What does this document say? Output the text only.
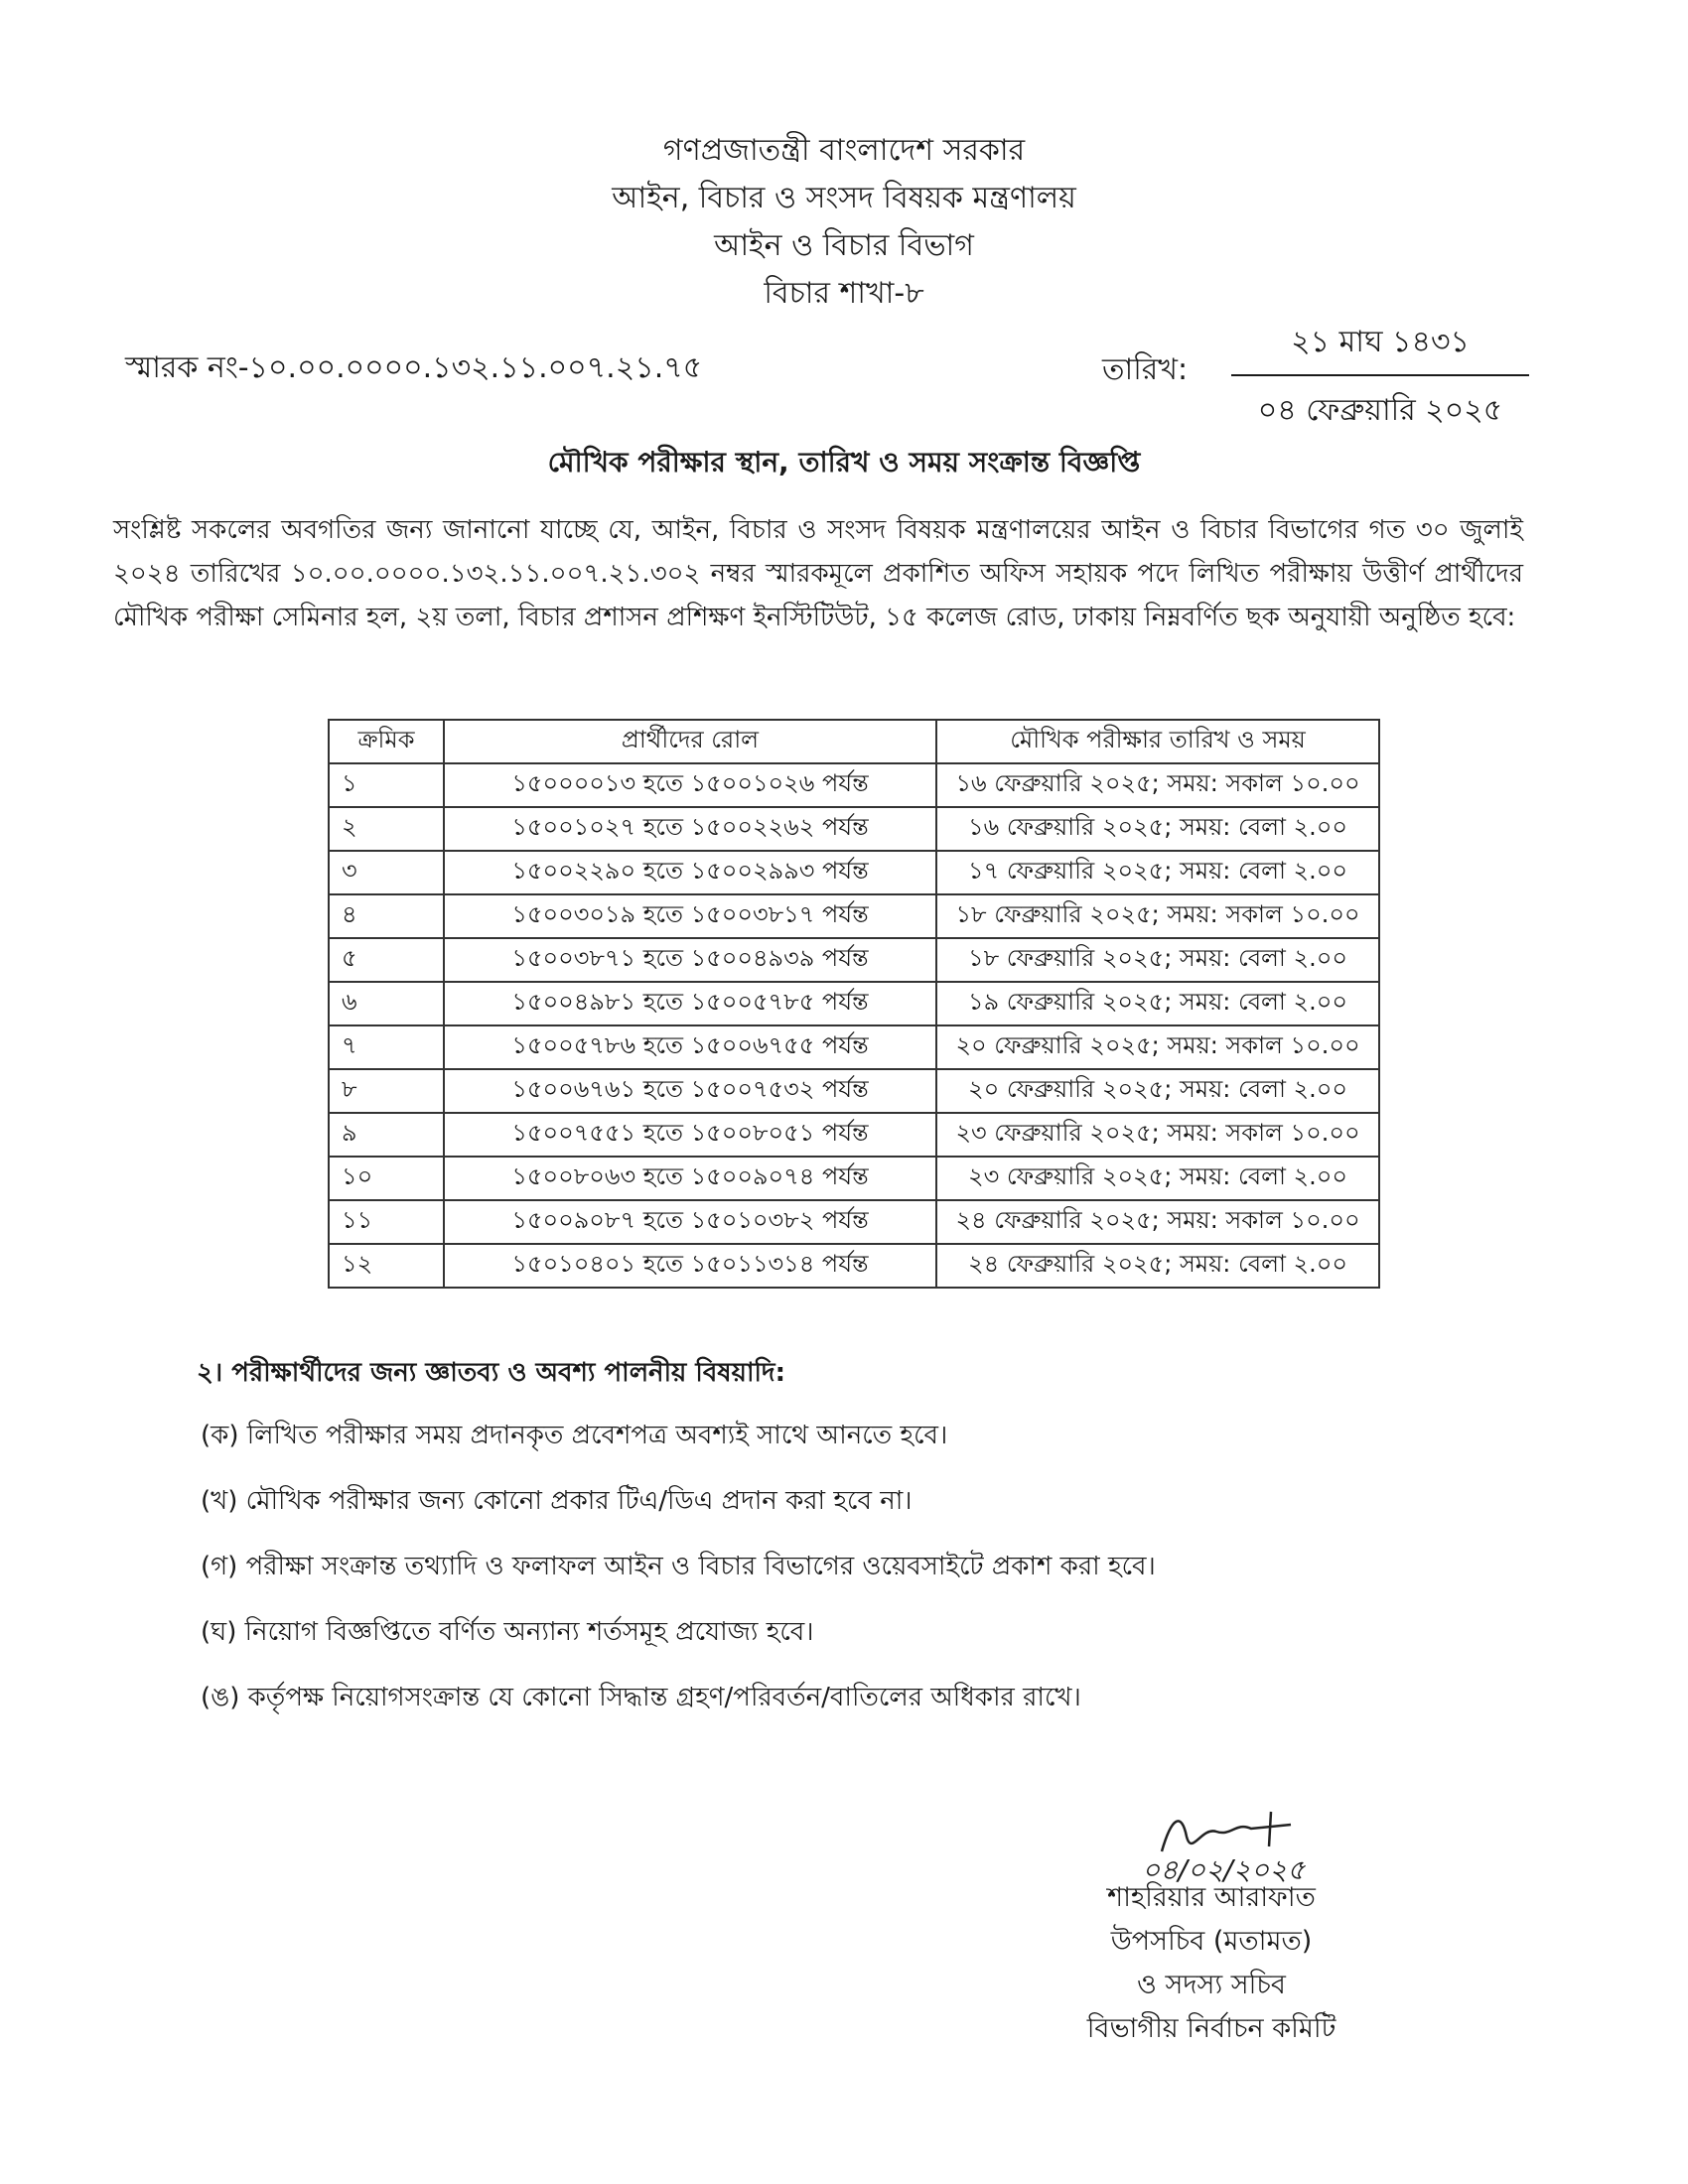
গণপ্রজাতন্ত্রী বাংলাদেশ সরকার
আইন, বিচার ও সংসদ বিষয়ক মন্ত্রণালয়
আইন ও বিচার বিভাগ
বিচার শাখা-৮
স্মারক নং-১০.০০.০০০০.১৩২.১১.০০৭.২১.৭৫	তারিখ:
২১ মাঘ ১৪৩১
০৪ ফেব্রুয়ারি ২০২৫
মৌখিক পরীক্ষার স্থান, তারিখ ও সময় সংক্রান্ত বিজ্ঞপ্তি
সংশ্লিষ্ট সকলের অবগতির জন্য জানানো যাচ্ছে যে, আইন, বিচার ও সংসদ বিষয়ক মন্ত্রণালয়ের আইন ও বিচার বিভাগের গত ৩০ জুলাই ২০২৪ তারিখের ১০.০০.০০০০.১৩২.১১.০০৭.২১.৩০২ নম্বর স্মারকমূলে প্রকাশিত অফিস সহায়ক পদে লিখিত পরীক্ষায় উত্তীর্ণ প্রার্থীদের মৌখিক পরীক্ষা সেমিনার হল, ২য় তলা, বিচার প্রশাসন প্রশিক্ষণ ইনস্টিটিউট, ১৫ কলেজ রোড, ঢাকায় নিম্নবর্ণিত ছক অনুযায়ী অনুষ্ঠিত হবে:
ক্রমিক	প্রার্থীদের রোল	মৌখিক পরীক্ষার তারিখ ও সময়
১	১৫০০০০১৩ হতে ১৫০০১০২৬ পর্যন্ত	১৬ ফেব্রুয়ারি ২০২৫; সময়: সকাল ১০.০০
২	১৫০০১০২৭ হতে ১৫০০২২৬২ পর্যন্ত	১৬ ফেব্রুয়ারি ২০২৫; সময়: বেলা ২.০০
৩	১৫০০২২৯০ হতে ১৫০০২৯৯৩ পর্যন্ত	১৭ ফেব্রুয়ারি ২০২৫; সময়: বেলা ২.০০
৪	১৫০০৩০১৯ হতে ১৫০০৩৮১৭ পর্যন্ত	১৮ ফেব্রুয়ারি ২০২৫; সময়: সকাল ১০.০০
৫	১৫০০৩৮৭১ হতে ১৫০০৪৯৩৯ পর্যন্ত	১৮ ফেব্রুয়ারি ২০২৫; সময়: বেলা ২.০০
৬	১৫০০৪৯৮১ হতে ১৫০০৫৭৮৫ পর্যন্ত	১৯ ফেব্রুয়ারি ২০২৫; সময়: বেলা ২.০০
৭	১৫০০৫৭৮৬ হতে ১৫০০৬৭৫৫ পর্যন্ত	২০ ফেব্রুয়ারি ২০২৫; সময়: সকাল ১০.০০
৮	১৫০০৬৭৬১ হতে ১৫০০৭৫৩২ পর্যন্ত	২০ ফেব্রুয়ারি ২০২৫; সময়: বেলা ২.০০
৯	১৫০০৭৫৫১ হতে ১৫০০৮০৫১ পর্যন্ত	২৩ ফেব্রুয়ারি ২০২৫; সময়: সকাল ১০.০০
১০	১৫০০৮০৬৩ হতে ১৫০০৯০৭৪ পর্যন্ত	২৩ ফেব্রুয়ারি ২০২৫; সময়: বেলা ২.০০
১১	১৫০০৯০৮৭ হতে ১৫০১০৩৮২ পর্যন্ত	২৪ ফেব্রুয়ারি ২০২৫; সময়: সকাল ১০.০০
১২	১৫০১০৪০১ হতে ১৫০১১৩১৪ পর্যন্ত	২৪ ফেব্রুয়ারি ২০২৫; সময়: বেলা ২.০০
২। পরীক্ষার্থীদের জন্য জ্ঞাতব্য ও অবশ্য পালনীয় বিষয়াদি:
(ক) লিখিত পরীক্ষার সময় প্রদানকৃত প্রবেশপত্র অবশ্যই সাথে আনতে হবে।
(খ) মৌখিক পরীক্ষার জন্য কোনো প্রকার টিএ/ডিএ প্রদান করা হবে না।
(গ) পরীক্ষা সংক্রান্ত তথ্যাদি ও ফলাফল আইন ও বিচার বিভাগের ওয়েবসাইটে প্রকাশ করা হবে।
(ঘ) নিয়োগ বিজ্ঞপ্তিতে বর্ণিত অন্যান্য শর্তসমূহ প্রযোজ্য হবে।
(ঙ) কর্তৃপক্ষ নিয়োগসংক্রান্ত যে কোনো সিদ্ধান্ত গ্রহণ/পরিবর্তন/বাতিলের অধিকার রাখে।
০৪/০২/২০২৫
শাহরিয়ার আরাফাত
উপসচিব (মতামত)
ও সদস্য সচিব
বিভাগীয় নির্বাচন কমিটি
